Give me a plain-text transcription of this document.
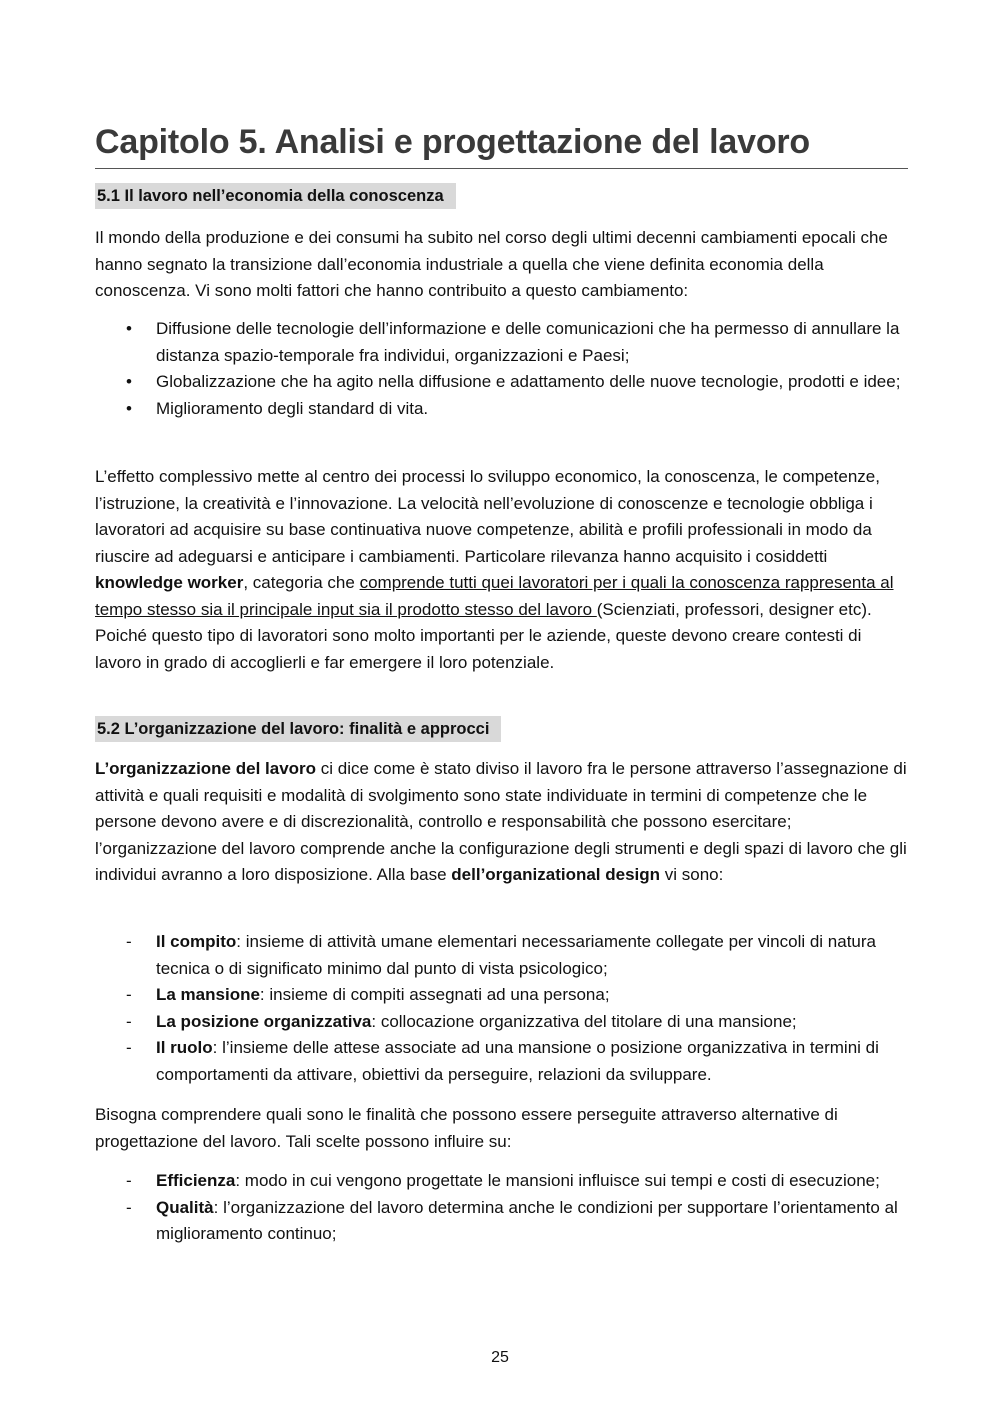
Capitolo 5. Analisi e progettazione del lavoro
5.1 Il lavoro nell’economia della conoscenza

Il mondo della produzione e dei consumi ha subito nel corso degli ultimi decenni cambiamenti epocali che hanno segnato la transizione dall’economia industriale a quella che viene definita economia della conoscenza. Vi sono molti fattori che hanno contribuito a questo cambiamento:

• Diffusione delle tecnologie dell’informazione e delle comunicazioni che ha permesso di annullare la distanza spazio-temporale fra individui, organizzazioni e Paesi;
• Globalizzazione che ha agito nella diffusione e adattamento delle nuove tecnologie, prodotti e idee;
• Miglioramento degli standard di vita.

L’effetto complessivo mette al centro dei processi lo sviluppo economico, la conoscenza, le competenze, l’istruzione, la creatività e l’innovazione. La velocità nell’evoluzione di conoscenze e tecnologie obbliga i lavoratori ad acquisire su base continuativa nuove competenze, abilità e profili professionali in modo da riuscire ad adeguarsi e anticipare i cambiamenti. Particolare rilevanza hanno acquisito i cosiddetti knowledge worker, categoria che comprende tutti quei lavoratori per i quali la conoscenza rappresenta al tempo stesso sia il principale input sia il prodotto stesso del lavoro (Scienziati, professori, designer etc). Poiché questo tipo di lavoratori sono molto importanti per le aziende, queste devono creare contesti di lavoro in grado di accoglierli e far emergere il loro potenziale.

5.2 L’organizzazione del lavoro: finalità e approcci

L’organizzazione del lavoro ci dice come è stato diviso il lavoro fra le persone attraverso l’assegnazione di attività e quali requisiti e modalità di svolgimento sono state individuate in termini di competenze che le persone devono avere e di discrezionalità, controllo e responsabilità che possono esercitare; l’organizzazione del lavoro comprende anche la configurazione degli strumenti e degli spazi di lavoro che gli individui avranno a loro disposizione. Alla base dell’organizational design vi sono:

- Il compito: insieme di attività umane elementari necessariamente collegate per vincoli di natura tecnica o di significato minimo dal punto di vista psicologico;
- La mansione: insieme di compiti assegnati ad una persona;
- La posizione organizzativa: collocazione organizzativa del titolare di una mansione;
- Il ruolo: l’insieme delle attese associate ad una mansione o posizione organizzativa in termini di comportamenti da attivare, obiettivi da perseguire, relazioni da sviluppare.

Bisogna comprendere quali sono le finalità che possono essere perseguite attraverso alternative di progettazione del lavoro. Tali scelte possono influire su:

- Efficienza: modo in cui vengono progettate le mansioni influisce sui tempi e costi di esecuzione;
- Qualità: l’organizzazione del lavoro determina anche le condizioni per supportare l’orientamento al miglioramento continuo;
25
